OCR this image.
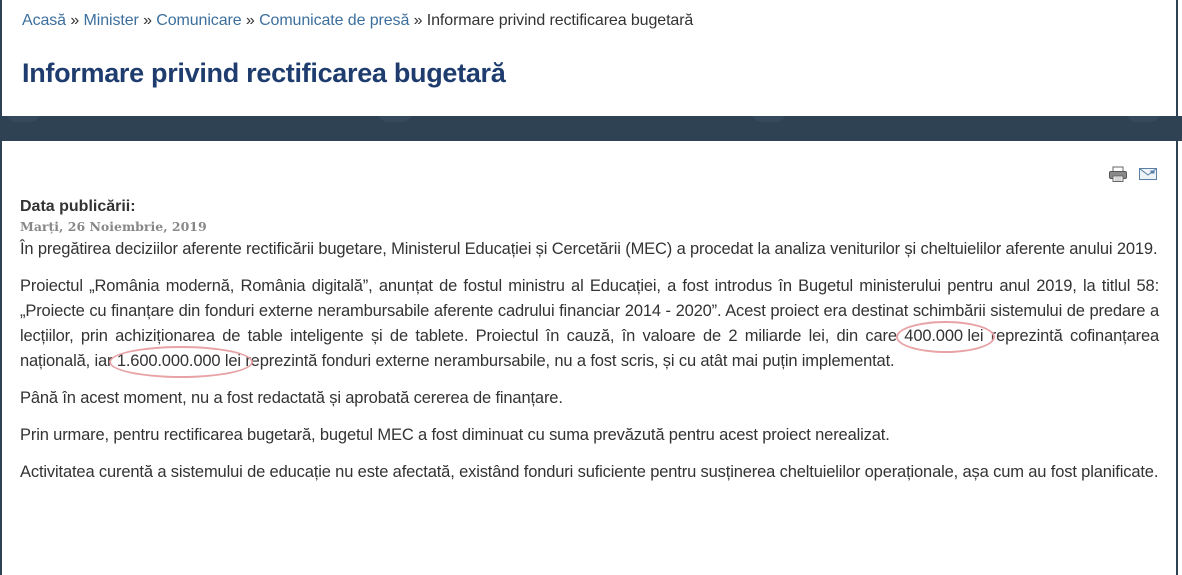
Acasă » Minister » Comunicare » Comunicate de presă » Informare privind rectificarea bugetară
Informare privind rectificarea bugetară
Data publicării:
Marți, 26 Noiembrie, 2019

În pregătirea deciziilor aferente rectificării bugetare, Ministerul Educației și Cercetării (MEC) a procedat la analiza veniturilor și cheltuielilor aferente anului 2019.

Proiectul „România modernă, România digitală”, anunțat de fostul ministru al Educației, a fost introdus în Bugetul ministerului pentru anul 2019, la titlul 58: „Proiecte cu finanțare din fonduri externe nerambursabile aferente cadrului financiar 2014 - 2020”. Acest proiect era destinat schimbării sistemului de predare a lecțiilor, prin achiziționarea de table inteligente și de tablete. Proiectul în cauză, în valoare de 2 miliarde lei, din care 400.000 lei reprezintă cofinanțarea națională, iar 1.600.000.000 lei reprezintă fonduri externe nerambursabile, nu a fost scris, și cu atât mai puțin implementat.

Până în acest moment, nu a fost redactată și aprobată cererea de finanțare.

Prin urmare, pentru rectificarea bugetară, bugetul MEC a fost diminuat cu suma prevăzută pentru acest proiect nerealizat.

Activitatea curentă a sistemului de educație nu este afectată, existând fonduri suficiente pentru susținerea cheltuielilor operaționale, așa cum au fost planificate.
